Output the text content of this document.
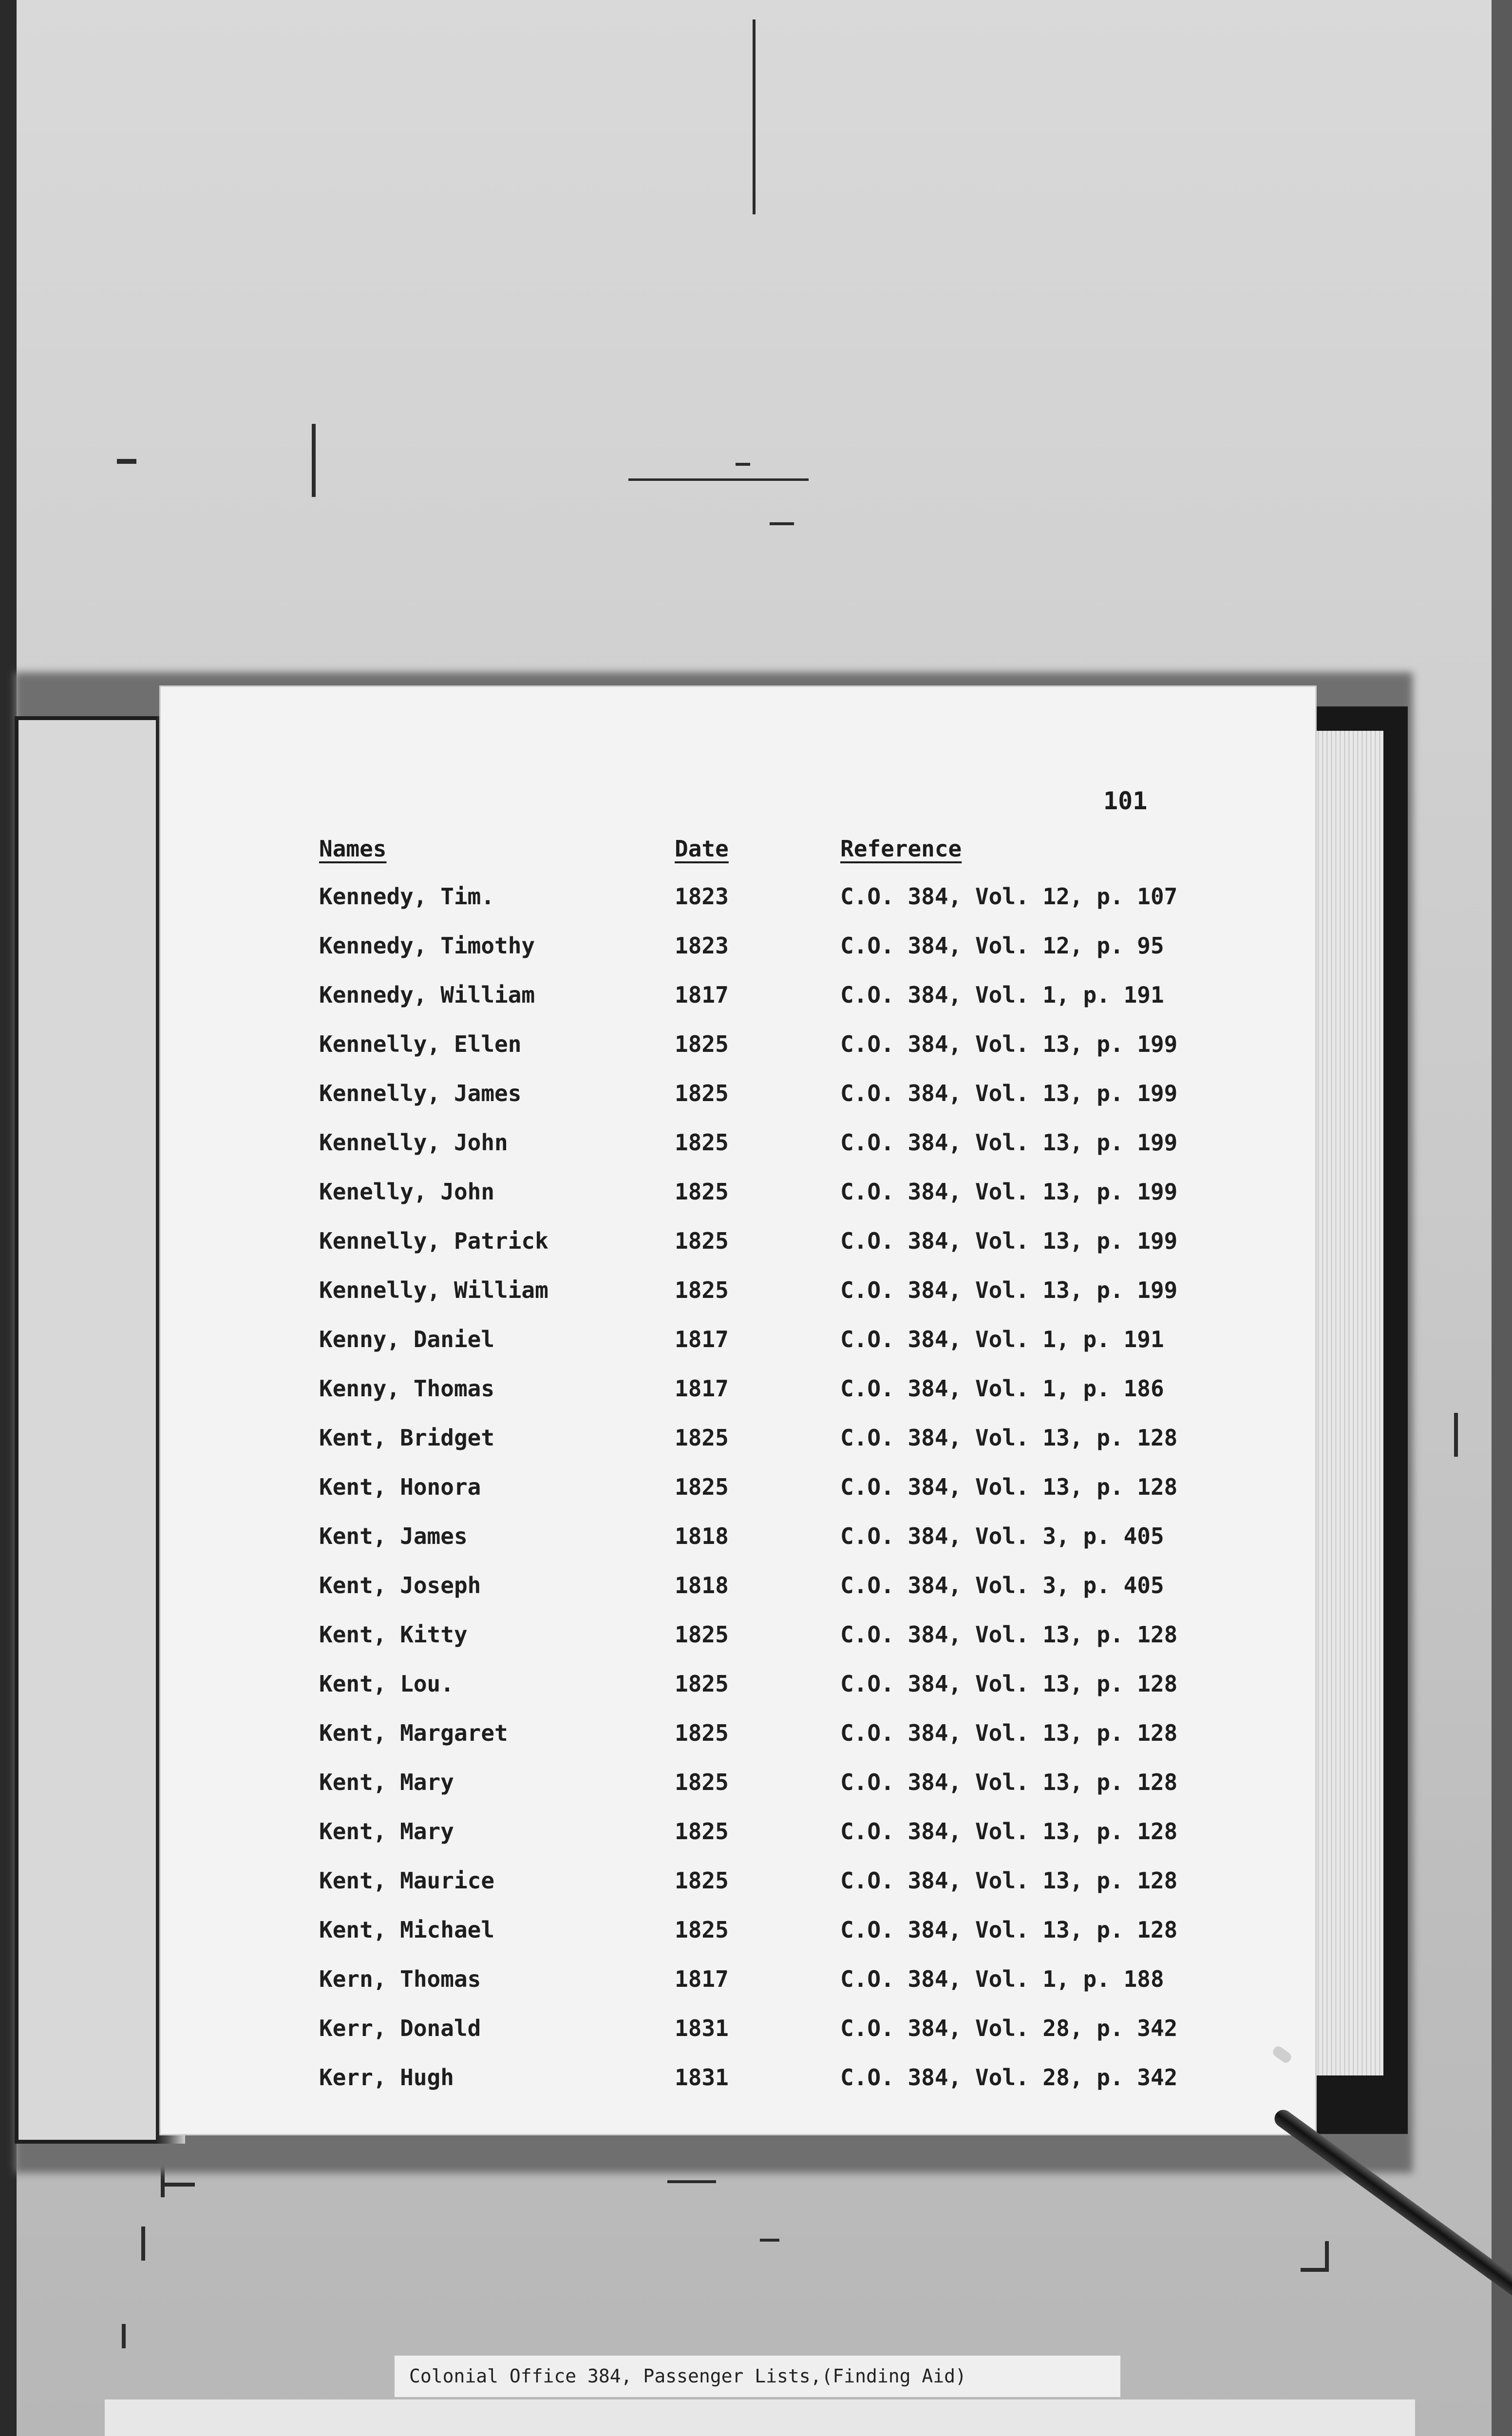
101
Names	Date	Reference
Kennedy, Tim.	1823	C.O. 384, Vol. 12, p. 107
Kennedy, Timothy	1823	C.O. 384, Vol. 12, p. 95
Kennedy, William	1817	C.O. 384, Vol. 1, p. 191
Kennelly, Ellen	1825	C.O. 384, Vol. 13, p. 199
Kennelly, James	1825	C.O. 384, Vol. 13, p. 199
Kennelly, John	1825	C.O. 384, Vol. 13, p. 199
Kenelly, John	1825	C.O. 384, Vol. 13, p. 199
Kennelly, Patrick	1825	C.O. 384, Vol. 13, p. 199
Kennelly, William	1825	C.O. 384, Vol. 13, p. 199
Kenny, Daniel	1817	C.O. 384, Vol. 1, p. 191
Kenny, Thomas	1817	C.O. 384, Vol. 1, p. 186
Kent, Bridget	1825	C.O. 384, Vol. 13, p. 128
Kent, Honora	1825	C.O. 384, Vol. 13, p. 128
Kent, James	1818	C.O. 384, Vol. 3, p. 405
Kent, Joseph	1818	C.O. 384, Vol. 3, p. 405
Kent, Kitty	1825	C.O. 384, Vol. 13, p. 128
Kent, Lou.	1825	C.O. 384, Vol. 13, p. 128
Kent, Margaret	1825	C.O. 384, Vol. 13, p. 128
Kent, Mary	1825	C.O. 384, Vol. 13, p. 128
Kent, Mary	1825	C.O. 384, Vol. 13, p. 128
Kent, Maurice	1825	C.O. 384, Vol. 13, p. 128
Kent, Michael	1825	C.O. 384, Vol. 13, p. 128
Kern, Thomas	1817	C.O. 384, Vol. 1, p. 188
Kerr, Donald	1831	C.O. 384, Vol. 28, p. 342
Kerr, Hugh	1831	C.O. 384, Vol. 28, p. 342
Colonial Office 384, Passenger Lists,(Finding Aid)
